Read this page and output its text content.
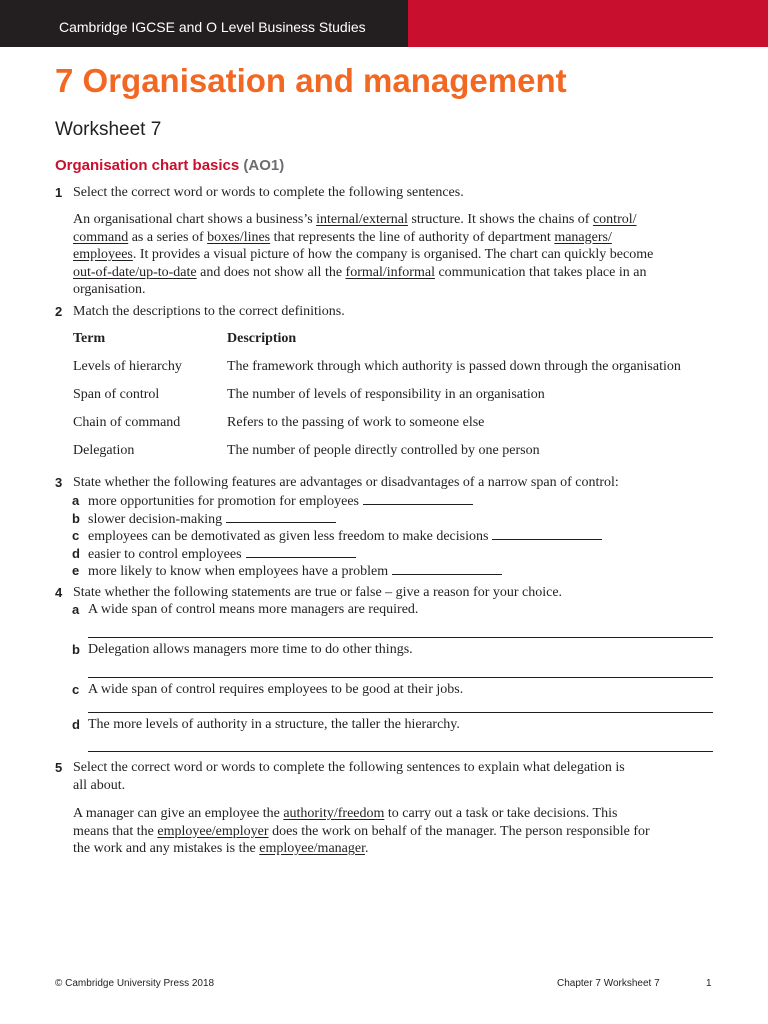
Cambridge IGCSE and O Level Business Studies
7 Organisation and management
Worksheet 7
Organisation chart basics (AO1)
1 Select the correct word or words to complete the following sentences.
An organisational chart shows a business’s internal/external structure. It shows the chains of control/
command as a series of boxes/lines that represents the line of authority of department managers/
employees. It provides a visual picture of how the company is organised. The chart can quickly become
out-of-date/up-to-date and does not show all the formal/informal communication that takes place in an
organisation.
2 Match the descriptions to the correct definitions.
Term	Description
Levels of hierarchy	The framework through which authority is passed down through the organisation
Span of control	The number of levels of responsibility in an organisation
Chain of command	Refers to the passing of work to someone else
Delegation	The number of people directly controlled by one person
3 State whether the following features are advantages or disadvantages of a narrow span of control:
a more opportunities for promotion for employees
b slower decision-making
c employees can be demotivated as given less freedom to make decisions
d easier to control employees
e more likely to know when employees have a problem
4 State whether the following statements are true or false – give a reason for your choice.
a A wide span of control means more managers are required.
b Delegation allows managers more time to do other things.
c A wide span of control requires employees to be good at their jobs.
d The more levels of authority in a structure, the taller the hierarchy.
5 Select the correct word or words to complete the following sentences to explain what delegation is
all about.
A manager can give an employee the authority/freedom to carry out a task or take decisions. This
means that the employee/employer does the work on behalf of the manager. The person responsible for
the work and any mistakes is the employee/manager.
© Cambridge University Press 2018	Chapter 7 Worksheet 7	1
